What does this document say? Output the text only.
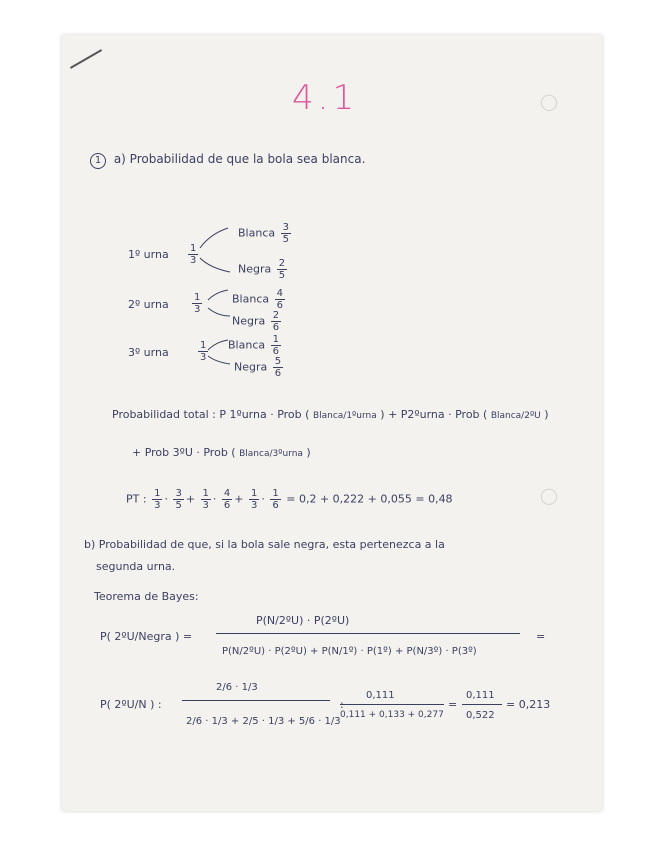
◯
◯
4.1
1 a) Probabilidad de que la bola sea blanca.
1º urna $\frac{1}{3}$
Blanca $\frac{3}{5}$
Negra $\frac{2}{5}$
2º urna $\frac{1}{3}$	Blanca $\frac{4}{6}$
Negra $\frac{2}{6}$
3º urna	$\frac{1}{3}$ Blanca $\frac{1}{6}$
Negra $\frac{5}{6}$
Probabilidad total : P 1ºurna · Prob ( Blanca/1ºurna ) + P2ºurna · Prob ( Blanca/2ºU )
+ Prob 3ºU · Prob ( Blanca/3ºurna )
PT : $\frac{1}{3} \cdot \frac{3}{5} + \frac{1}{3} \cdot \frac{4}{6} + \frac{1}{3} \cdot \frac{1}{6} = 0,2 + 0,222 + 0,055 = 0,48$
b) Probabilidad de que, si la bola sale negra, esta pertenezca a la
segunda urna.
Teorema de Bayes:
P( 2ºU/Negra ) =
P(N/2ºU) · P(2ºU)
P(N/2ºU) · P(2ºU) + P(N/1º) · P(1º) + P(N/3º) · P(3º)
=
P( 2ºU/N ) :
2/6 · 1/3
2/6 · 1/3 + 2/5 · 1/3 + 5/6 · 1/3
0,111
0,111 + 0,133 + 0,277
=
0,111
0,522
= 0,213
